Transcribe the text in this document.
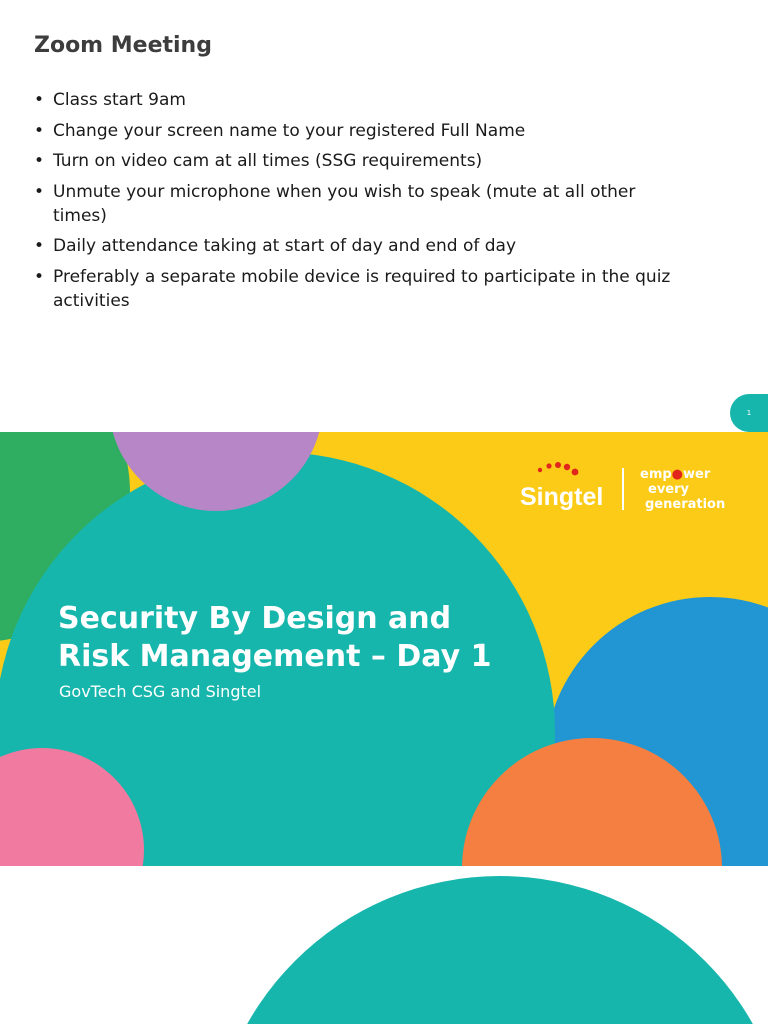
Zoom Meeting
• Class start 9am
• Change your screen name to your registered Full Name
• Turn on video cam at all times (SSG requirements)
• Unmute your microphone when you wish to speak (mute at all other
times)
• Daily attendance taking at start of day and end of day
• Preferably a separate mobile device is required to participate in the quiz
activities
1
Singtel
emp●wer
every
generation
Security By Design and
Risk Management – Day 1

GovTech CSG and Singtel
